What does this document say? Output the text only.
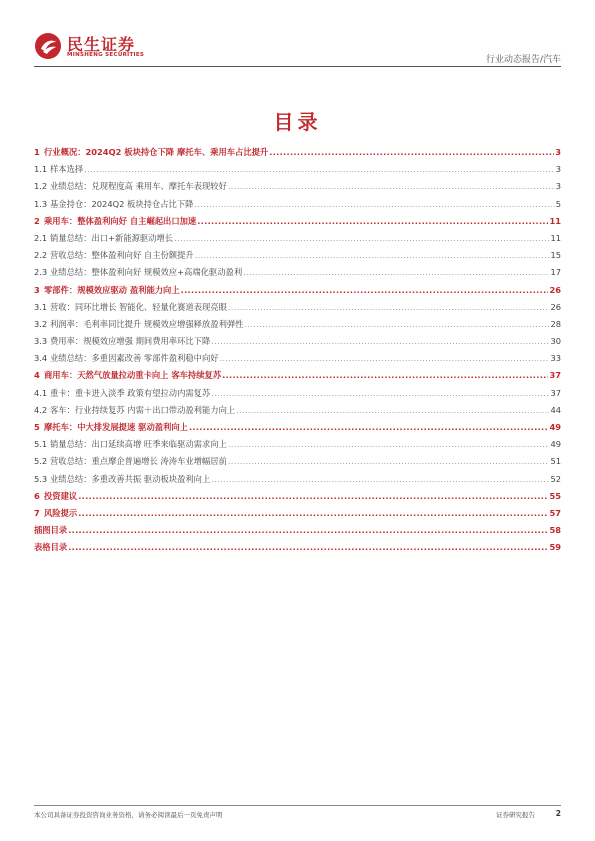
民生证券
MINSHENG SECURITIES	行业动态报告/汽车
目录
1 行业概况：2024Q2 板块持仓下降 摩托车、乘用车占比提升 .....	3
1.1 样本选择 .....	3
1.2 业绩总结：兑现程度高 乘用车、摩托车表现较好 .....	3
1.3 基金持仓：2024Q2 板块持仓占比下降 .....	5
2 乘用车：整体盈利向好 自主崛起出口加速 .....	11
2.1 销量总结：出口+新能源驱动增长 .....	11
2.2 营收总结：整体盈利向好 自主份额提升 .....	15
2.3 业绩总结：整体盈利向好 规模效应+高端化驱动盈利 .....	17
3 零部件：规模效应驱动 盈利能力向上 .....	26
3.1 营收：同环比增长 智能化、轻量化赛道表现亮眼 .....	26
3.2 利润率：毛利率同比提升 规模效应增强释放盈利弹性 .....	28
3.3 费用率：规模效应增强 期间费用率环比下降 .....	30
3.4 业绩总结：多重因素改善 零部件盈利稳中向好 .....	33
4 商用车：天然气放量拉动重卡向上 客车持续复苏 .....	37
4.1 重卡：重卡进入淡季 政策有望拉动内需复苏 .....	37
4.2 客车：行业持续复苏 内需＋出口带动盈利能力向上 .....	44
5 摩托车：中大排发展提速 驱动盈利向上 .....	49
5.1 销量总结：出口延续高增 旺季来临驱动需求向上 .....	49
5.2 营收总结：重点摩企普遍增长 涛涛车业增幅居前 .....	51
5.3 业绩总结：多重改善共振 驱动板块盈利向上 .....	52
6 投资建议 .....	55
7 风险提示 .....	57
插图目录 .....	58
表格目录 .....	59
本公司具备证券投资咨询业务资格，请务必阅读最后一页免责声明	证券研究报告	2
